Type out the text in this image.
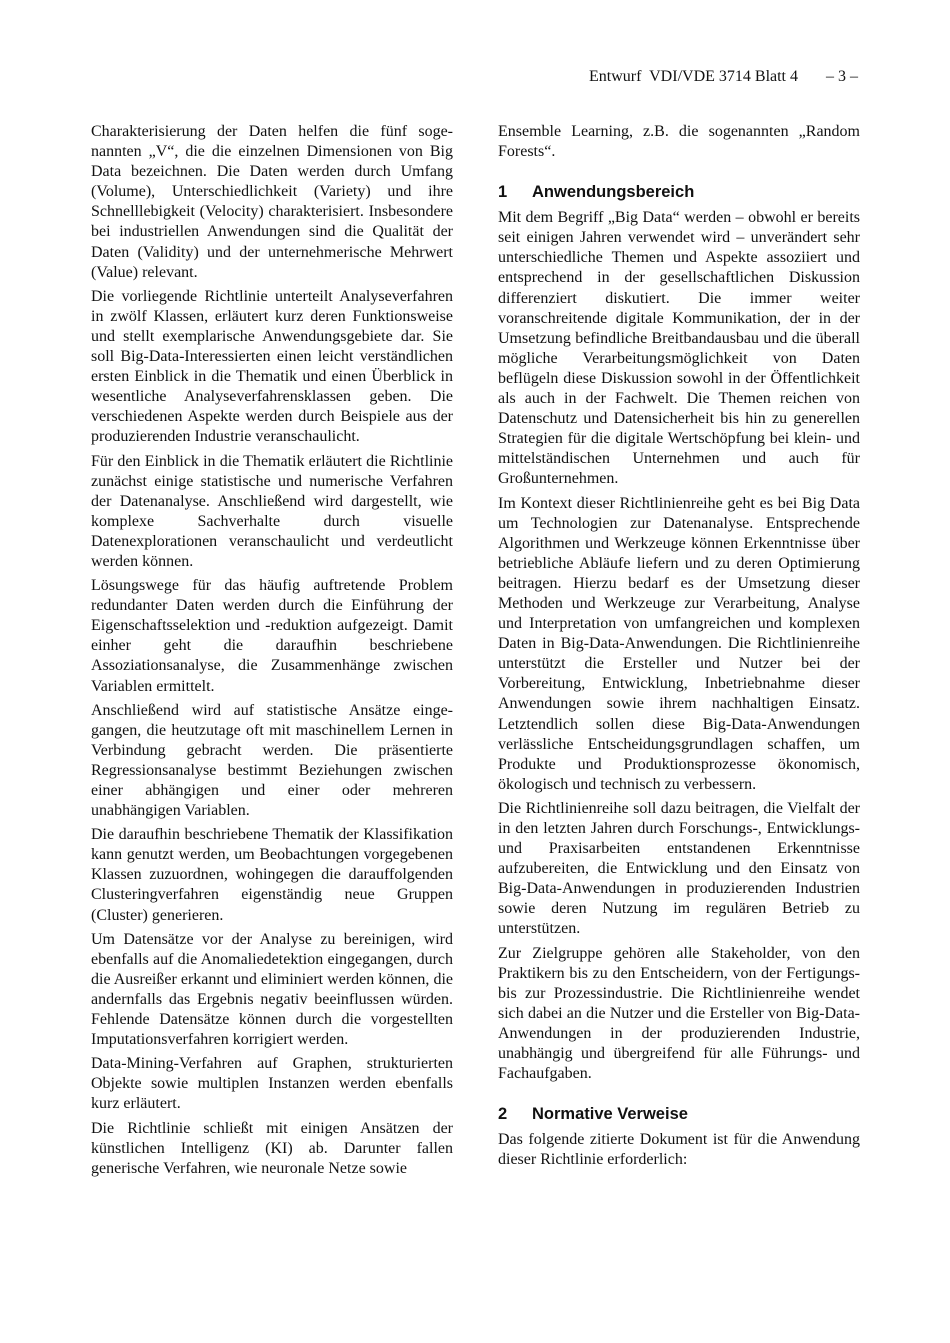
Entwurf  VDI/VDE 3714 Blatt 4 – 3 –

Charakterisierung der Daten helfen die fünf sogenannten „V“, die die einzelnen Dimensionen von Big Data bezeichnen. Die Daten werden durch Umfang (Volume), Unterschiedlichkeit (Variety) und ihre Schnelllebigkeit (Velocity) charakterisiert. Insbesondere bei industriellen Anwendungen sind die Qualität der Daten (Validity) und der unternehmerische Mehrwert (Value) relevant.

Die vorliegende Richtlinie unterteilt Analyseverfahren in zwölf Klassen, erläutert kurz deren Funktionsweise und stellt exemplarische Anwendungsgebiete dar. Sie soll Big-Data-Interessierten einen leicht verständlichen ersten Einblick in die Thematik und einen Überblick in wesentliche Analyseverfahrensklassen geben. Die verschiedenen Aspekte werden durch Beispiele aus der produzierenden Industrie veranschaulicht.

Für den Einblick in die Thematik erläutert die Richtlinie zunächst einige statistische und numerische Verfahren der Datenanalyse. Anschließend wird dargestellt, wie komplexe Sachverhalte durch visuelle Datenexplorationen veranschaulicht und verdeutlicht werden können.

Lösungswege für das häufig auftretende Problem redundanter Daten werden durch die Einführung der Eigenschaftsselektion und -reduktion aufgezeigt. Damit einher geht die daraufhin beschriebene Assoziationsanalyse, die Zusammenhänge zwischen Variablen ermittelt.

Anschließend wird auf statistische Ansätze eingegangen, die heutzutage oft mit maschinellem Lernen in Verbindung gebracht werden. Die präsentierte Regressionsanalyse bestimmt Beziehungen zwischen einer abhängigen und einer oder mehreren unabhängigen Variablen.

Die daraufhin beschriebene Thematik der Klassifikation kann genutzt werden, um Beobachtungen vorgegebenen Klassen zuzuordnen, wohingegen die darauffolgenden Clusteringverfahren eigenständig neue Gruppen (Cluster) generieren.

Um Datensätze vor der Analyse zu bereinigen, wird ebenfalls auf die Anomaliedetektion eingegangen, durch die Ausreißer erkannt und eliminiert werden können, die andernfalls das Ergebnis negativ beeinflussen würden. Fehlende Datensätze können durch die vorgestellten Imputationsverfahren korrigiert werden.

Data-Mining-Verfahren auf Graphen, strukturierten Objekte sowie multiplen Instanzen werden ebenfalls kurz erläutert.

Die Richtlinie schließt mit einigen Ansätzen der künstlichen Intelligenz (KI) ab. Darunter fallen generische Verfahren, wie neuronale Netze sowie

Ensemble Learning, z.B. die sogenannten „Random Forests“.

1 Anwendungsbereich

Mit dem Begriff „Big Data“ werden – obwohl er bereits seit einigen Jahren verwendet wird – unverändert sehr unterschiedliche Themen und Aspekte assoziiert und entsprechend in der gesellschaftlichen Diskussion differenziert diskutiert. Die immer weiter voranschreitende digitale Kommunikation, der in der Umsetzung befindliche Breitbandausbau und die überall mögliche Verarbeitungsmöglichkeit von Daten beflügeln diese Diskussion sowohl in der Öffentlichkeit als auch in der Fachwelt. Die Themen reichen von Datenschutz und Datensicherheit bis hin zu generellen Strategien für die digitale Wertschöpfung bei klein- und mittelständischen Unternehmen und auch für Großunternehmen.

Im Kontext dieser Richtlinienreihe geht es bei Big Data um Technologien zur Datenanalyse. Entsprechende Algorithmen und Werkzeuge können Erkenntnisse über betriebliche Abläufe liefern und zu deren Optimierung beitragen. Hierzu bedarf es der Umsetzung dieser Methoden und Werkzeuge zur Verarbeitung, Analyse und Interpretation von umfangreichen und komplexen Daten in Big-Data-Anwendungen. Die Richtlinienreihe unterstützt die Ersteller und Nutzer bei der Vorbereitung, Entwicklung, Inbetriebnahme dieser Anwendungen sowie ihrem nachhaltigen Einsatz. Letztendlich sollen diese Big-Data-Anwendungen verlässliche Entscheidungsgrundlagen schaffen, um Produkte und Produktionsprozesse ökonomisch, ökologisch und technisch zu verbessern.

Die Richtlinienreihe soll dazu beitragen, die Vielfalt der in den letzten Jahren durch Forschungs-, Entwicklungs- und Praxisarbeiten entstandenen Erkenntnisse aufzubereiten, die Entwicklung und den Einsatz von Big-Data-Anwendungen in produzierenden Industrien sowie deren Nutzung im regulären Betrieb zu unterstützen.

Zur Zielgruppe gehören alle Stakeholder, von den Praktikern bis zu den Entscheidern, von der Fertigungs- bis zur Prozessindustrie. Die Richtlinienreihe wendet sich dabei an die Nutzer und die Ersteller von Big-Data-Anwendungen in der produzierenden Industrie, unabhängig und übergreifend für alle Führungs- und Fachaufgaben.

2 Normative Verweise

Das folgende zitierte Dokument ist für die Anwendung dieser Richtlinie erforderlich:
